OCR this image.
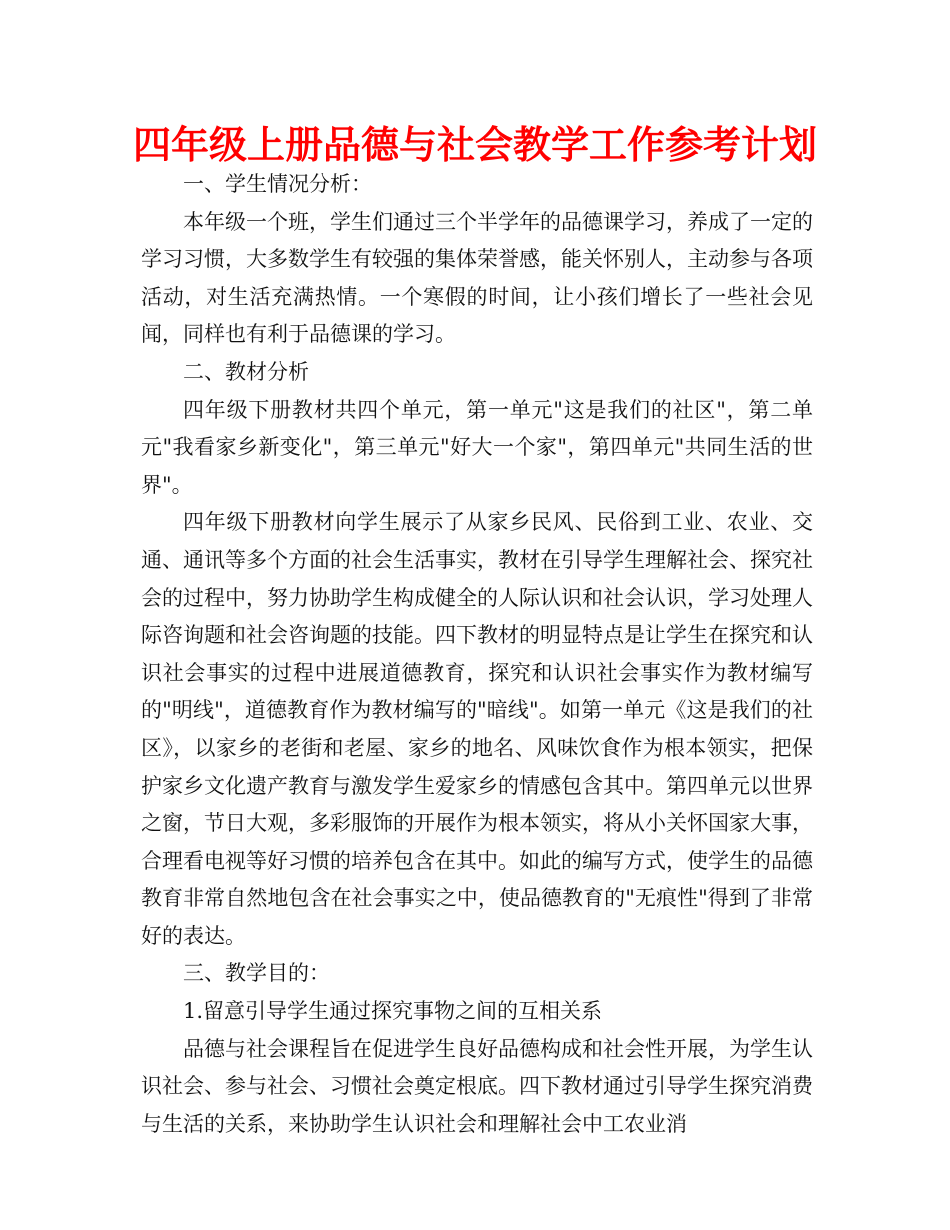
四年级上册品德与社会教学工作参考计划

一、学生情况分析：

本年级一个班，学生们通过三个半学年的品德课学习，养成了一定的学习习惯，大多数学生有较强的集体荣誉感，能关怀别人，主动参与各项活动，对生活充满热情。一个寒假的时间，让小孩们增长了一些社会见闻，同样也有利于品德课的学习。

二、教材分析

四年级下册教材共四个单元，第一单元"这是我们的社区"，第二单元"我看家乡新变化"，第三单元"好大一个家"，第四单元"共同生活的世界"。

四年级下册教材向学生展示了从家乡民风、民俗到工业、农业、交通、通讯等多个方面的社会生活事实，教材在引导学生理解社会、探究社会的过程中，努力协助学生构成健全的人际认识和社会认识，学习处理人际咨询题和社会咨询题的技能。四下教材的明显特点是让学生在探究和认识社会事实的过程中进展道德教育，探究和认识社会事实作为教材编写的"明线"，道德教育作为教材编写的"暗线"。如第一单元《这是我们的社区》，以家乡的老街和老屋、家乡的地名、风味饮食作为根本领实，把保护家乡文化遗产教育与激发学生爱家乡的情感包含其中。第四单元以世界之窗，节日大观，多彩服饰的开展作为根本领实，将从小关怀国家大事，合理看电视等好习惯的培养包含在其中。如此的编写方式，使学生的品德教育非常自然地包含在社会事实之中，使品德教育的"无痕性"得到了非常好的表达。

三、教学目的：

1.留意引导学生通过探究事物之间的互相关系

品德与社会课程旨在促进学生良好品德构成和社会性开展，为学生认识社会、参与社会、习惯社会奠定根底。四下教材通过引导学生探究消费与生活的关系，来协助学生认识社会和理解社会中工农业消
